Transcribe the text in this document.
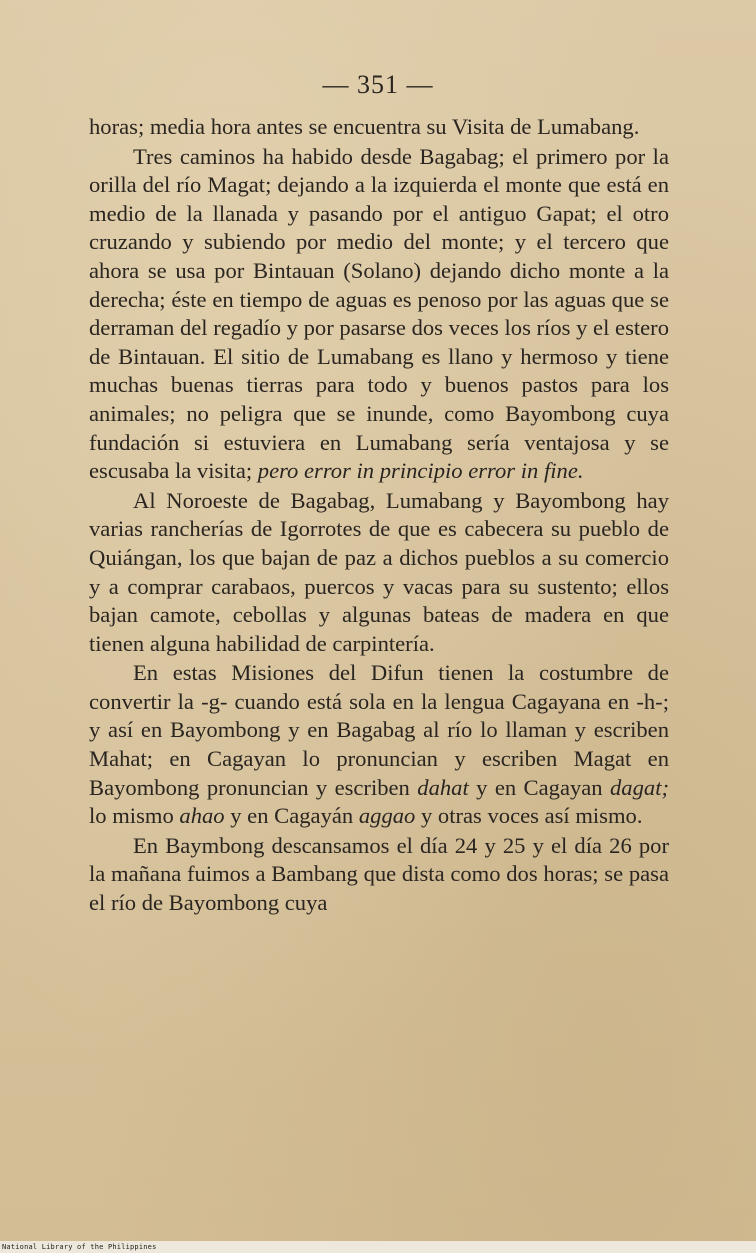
— 351 —

horas; media hora antes se encuentra su Visita de Lumabang.

Tres caminos ha habido desde Bagabag; el primero por la orilla del río Magat; dejando a la izquierda el monte que está en medio de la llanada y pasando por el antiguo Gapat; el otro cruzando y subiendo por medio del monte; y el tercero que ahora se usa por Bintauan (Solano) dejando dicho monte a la derecha; éste en tiempo de aguas es penoso por las aguas que se derraman del regadío y por pasarse dos veces los ríos y el estero de Bintauan. El sitio de Lumabang es llano y hermoso y tiene muchas buenas tierras para todo y buenos pastos para los animales; no peligra que se inunde, como Bayombong cuya fundación si estuviera en Lumabang sería ventajosa y se escusaba la visita; pero error in principio error in fine.

Al Noroeste de Bagabag, Lumabang y Bayombong hay varias rancherías de Igorrotes de que es cabecera su pueblo de Quiángan, los que bajan de paz a dichos pueblos a su comercio y a comprar carabaos, puercos y vacas para su sustento; ellos bajan camote, cebollas y algunas bateas de madera en que tienen alguna habilidad de carpintería.

En estas Misiones del Difun tienen la costumbre de convertir la -g- cuando está sola en la lengua Cagayana en -h-; y así en Bayombong y en Bagabag al río lo llaman y escriben Mahat; en Cagayan lo pronuncian y escriben Magat en Bayombong pronuncian y escriben dahat y en Cagayan dagat; lo mismo ahao y en Cagayán aggao y otras voces así mismo.

En Baymbong descansamos el día 24 y 25 y el día 26 por la mañana fuimos a Bambang que dista como dos horas; se pasa el río de Bayombong cuya

National Library of the Philippines
